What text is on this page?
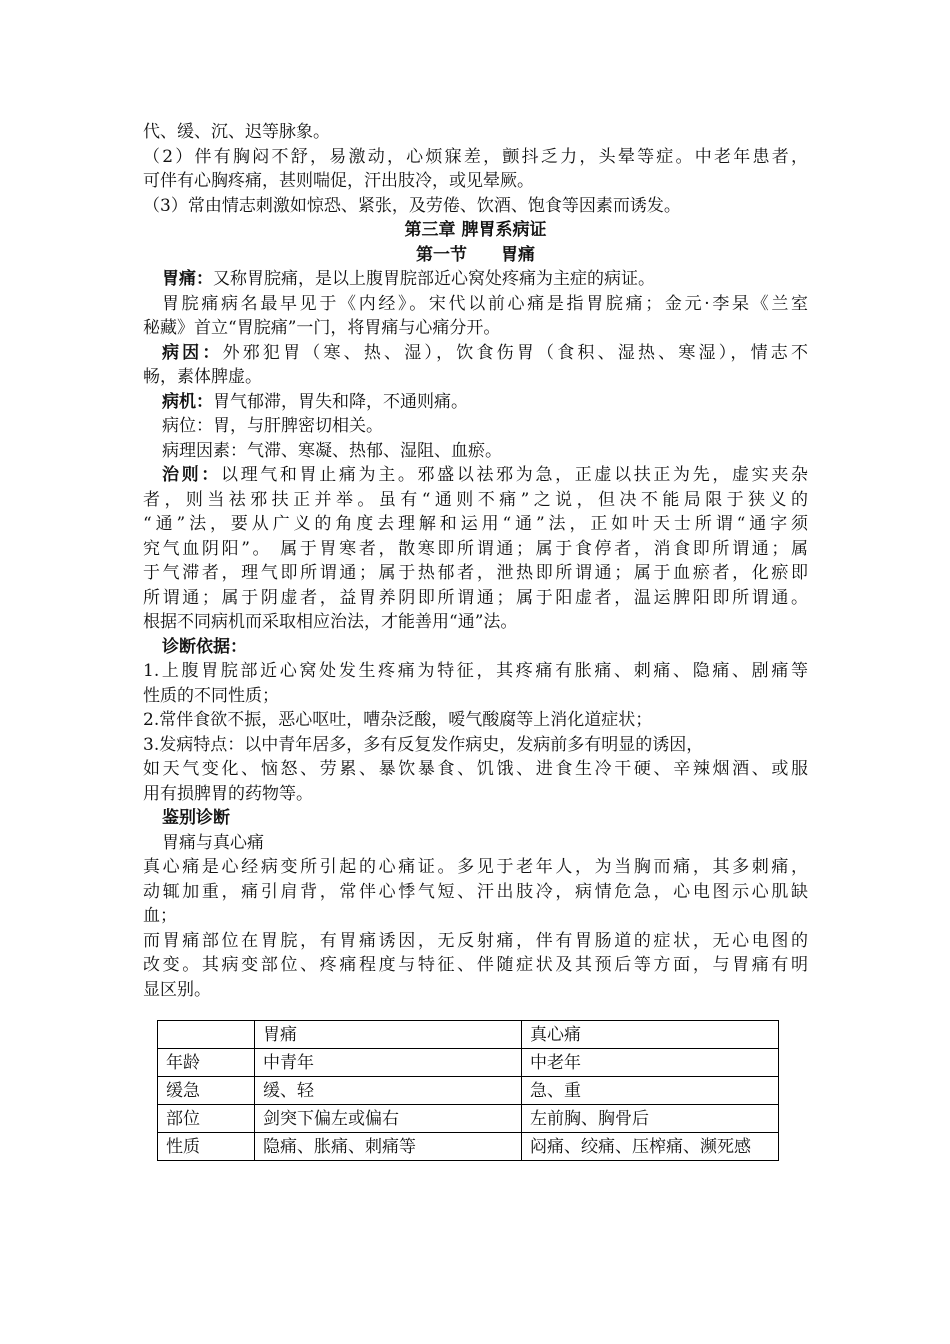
代、缓、沉、迟等脉象。
（2）伴有胸闷不舒，易激动，心烦寐差，颤抖乏力，头晕等症。中老年患者，
可伴有心胸疼痛，甚则喘促，汗出肢冷，或见晕厥。
（3）常由情志刺激如惊恐、紧张，及劳倦、饮酒、饱食等因素而诱发。
第三章 脾胃系病证
第一节　　胃痛
胃痛：又称胃脘痛，是以上腹胃脘部近心窝处疼痛为主症的病证。
胃脘痛病名最早见于《内经》。宋代以前心痛是指胃脘痛；金元·李杲《兰室
秘藏》首立“胃脘痛”一门，将胃痛与心痛分开。
病因：外邪犯胃（寒、热、湿），饮食伤胃（食积、湿热、寒湿），情志不
畅，素体脾虚。
病机：胃气郁滞，胃失和降，不通则痛。
病位：胃，与肝脾密切相关。
病理因素：气滞、寒凝、热郁、湿阻、血瘀。
治则：以理气和胃止痛为主。邪盛以祛邪为急，正虚以扶正为先，虚实夹杂
者，则当祛邪扶正并举。虽有“通则不痛”之说，但决不能局限于狭义的
“通”法，要从广义的角度去理解和运用“通”法，正如叶天士所谓“通字须
究气血阴阳”。 属于胃寒者，散寒即所谓通；属于食停者，消食即所谓通；属
于气滞者，理气即所谓通；属于热郁者，泄热即所谓通；属于血瘀者，化瘀即
所谓通；属于阴虚者，益胃养阴即所谓通；属于阳虚者，温运脾阳即所谓通。
根据不同病机而采取相应治法，才能善用“通”法。
诊断依据：
1.上腹胃脘部近心窝处发生疼痛为特征，其疼痛有胀痛、刺痛、隐痛、剧痛等
性质的不同性质；
2.常伴食欲不振，恶心呕吐，嘈杂泛酸，嗳气酸腐等上消化道症状；
3.发病特点：以中青年居多，多有反复发作病史，发病前多有明显的诱因，
如天气变化、恼怒、劳累、暴饮暴食、饥饿、进食生冷干硬、辛辣烟酒、或服
用有损脾胃的药物等。
鉴别诊断
胃痛与真心痛
真心痛是心经病变所引起的心痛证。多见于老年人，为当胸而痛，其多刺痛，
动辄加重，痛引肩背，常伴心悸气短、汗出肢冷，病情危急，心电图示心肌缺
血；
而胃痛部位在胃脘，有胃痛诱因，无反射痛，伴有胃肠道的症状，无心电图的
改变。其病变部位、疼痛程度与特征、伴随症状及其预后等方面，与胃痛有明
显区别。
	胃痛	真心痛
年龄	中青年	中老年
缓急	缓、轻	急、重
部位	剑突下偏左或偏右	左前胸、胸骨后
性质	隐痛、胀痛、刺痛等	闷痛、绞痛、压榨痛、濒死感
